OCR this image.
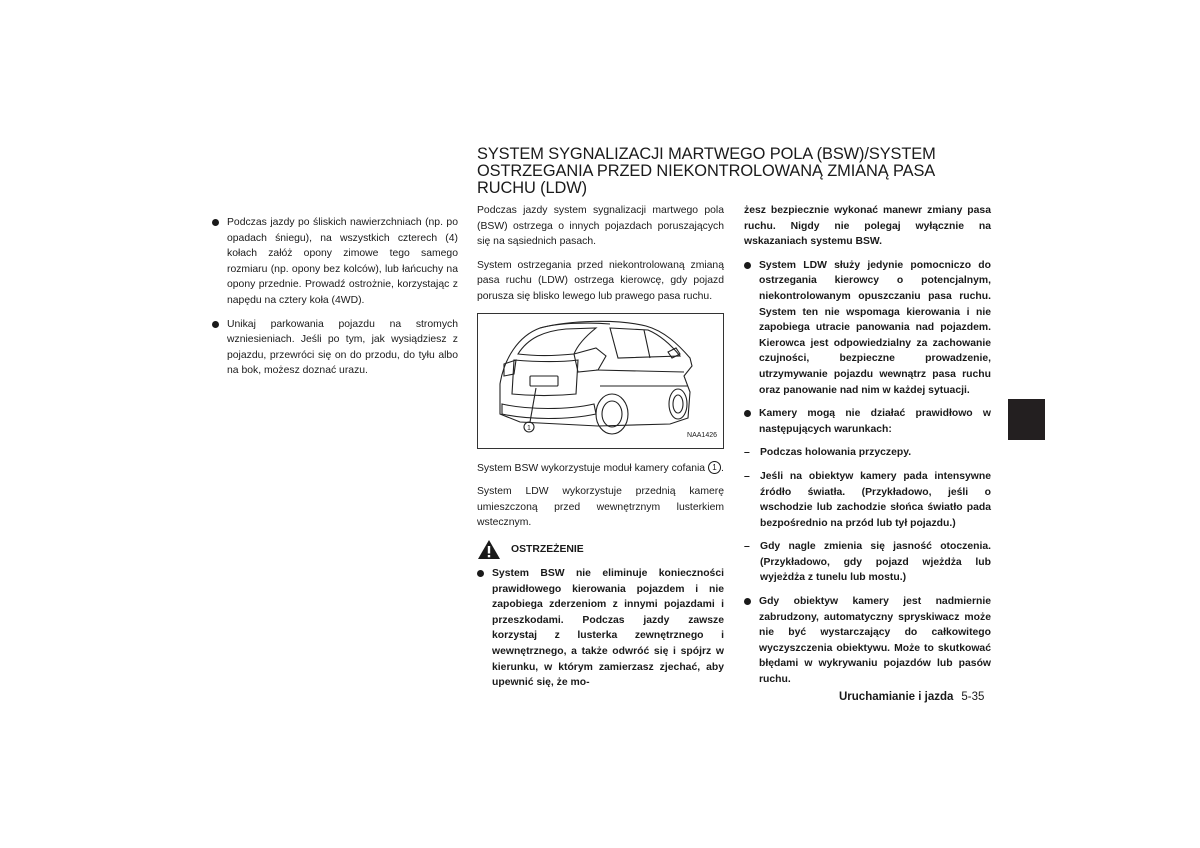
SYSTEM SYGNALIZACJI MARTWEGO POLA (BSW)/SYSTEM OSTRZEGANIA PRZED NIEKONTROLOWANĄ ZMIANĄ PASA RUCHU (LDW)
Podczas jazdy po śliskich nawierzchniach (np. po opadach śniegu), na wszystkich czterech (4) kołach załóż opony zimowe tego samego rozmiaru (np. opony bez kolców), lub łańcuchy na opony przednie. Prowadź ostrożnie, korzystając z napędu na cztery koła (4WD).
Unikaj parkowania pojazdu na stromych wzniesieniach. Jeśli po tym, jak wysiądziesz z pojazdu, przewróci się on do przodu, do tyłu albo na bok, możesz doznać urazu.

Podczas jazdy system sygnalizacji martwego pola (BSW) ostrzega o innych pojazdach poruszających się na sąsiednich pasach.

System ostrzegania przed niekontrolowaną zmianą pasa ruchu (LDW) ostrzega kierowcę, gdy pojazd porusza się blisko lewego lub prawego pasa ruchu.

1
NAA1426

System BSW wykorzystuje moduł kamery cofania 1 .

System LDW wykorzystuje przednią kamerę umieszczoną przed wewnętrznym lusterkiem wstecznym.

OSTRZEŻENIE
System BSW nie eliminuje konieczności prawidłowego kierowania pojazdem i nie zapobiega zderzeniom z innymi pojazdami i przeszkodami. Podczas jazdy zawsze korzystaj z lusterka zewnętrznego i wewnętrznego, a także odwróć się i spójrz w kierunku, w którym zamierzasz zjechać, aby upewnić się, że mo-

żesz bezpiecznie wykonać manewr zmiany pasa ruchu. Nigdy nie polegaj wyłącznie na wskazaniach systemu BSW.

System LDW służy jedynie pomocniczo do ostrzegania kierowcy o potencjalnym, niekontrolowanym opuszczaniu pasa ruchu. System ten nie wspomaga kierowania i nie zapobiega utracie panowania nad pojazdem. Kierowca jest odpowiedzialny za zachowanie czujności, bezpieczne prowadzenie, utrzymywanie pojazdu wewnątrz pasa ruchu oraz panowanie nad nim w każdej sytuacji.
Kamery mogą nie działać prawidłowo w następujących warunkach:
– Podczas holowania przyczepy.
– Jeśli na obiektyw kamery pada intensywne źródło światła. (Przykładowo, jeśli o wschodzie lub zachodzie słońca światło pada bezpośrednio na przód lub tył pojazdu.)
– Gdy nagle zmienia się jasność otoczenia. (Przykładowo, gdy pojazd wjeżdża lub wyjeżdża z tunelu lub mostu.)
Gdy obiektyw kamery jest nadmiernie zabrudzony, automatyczny spryskiwacz może nie być wystarczający do całkowitego wyczyszczenia obiektywu. Może to skutkować błędami w wykrywaniu pojazdów lub pasów ruchu.
Uruchamianie i jazda 5-35
